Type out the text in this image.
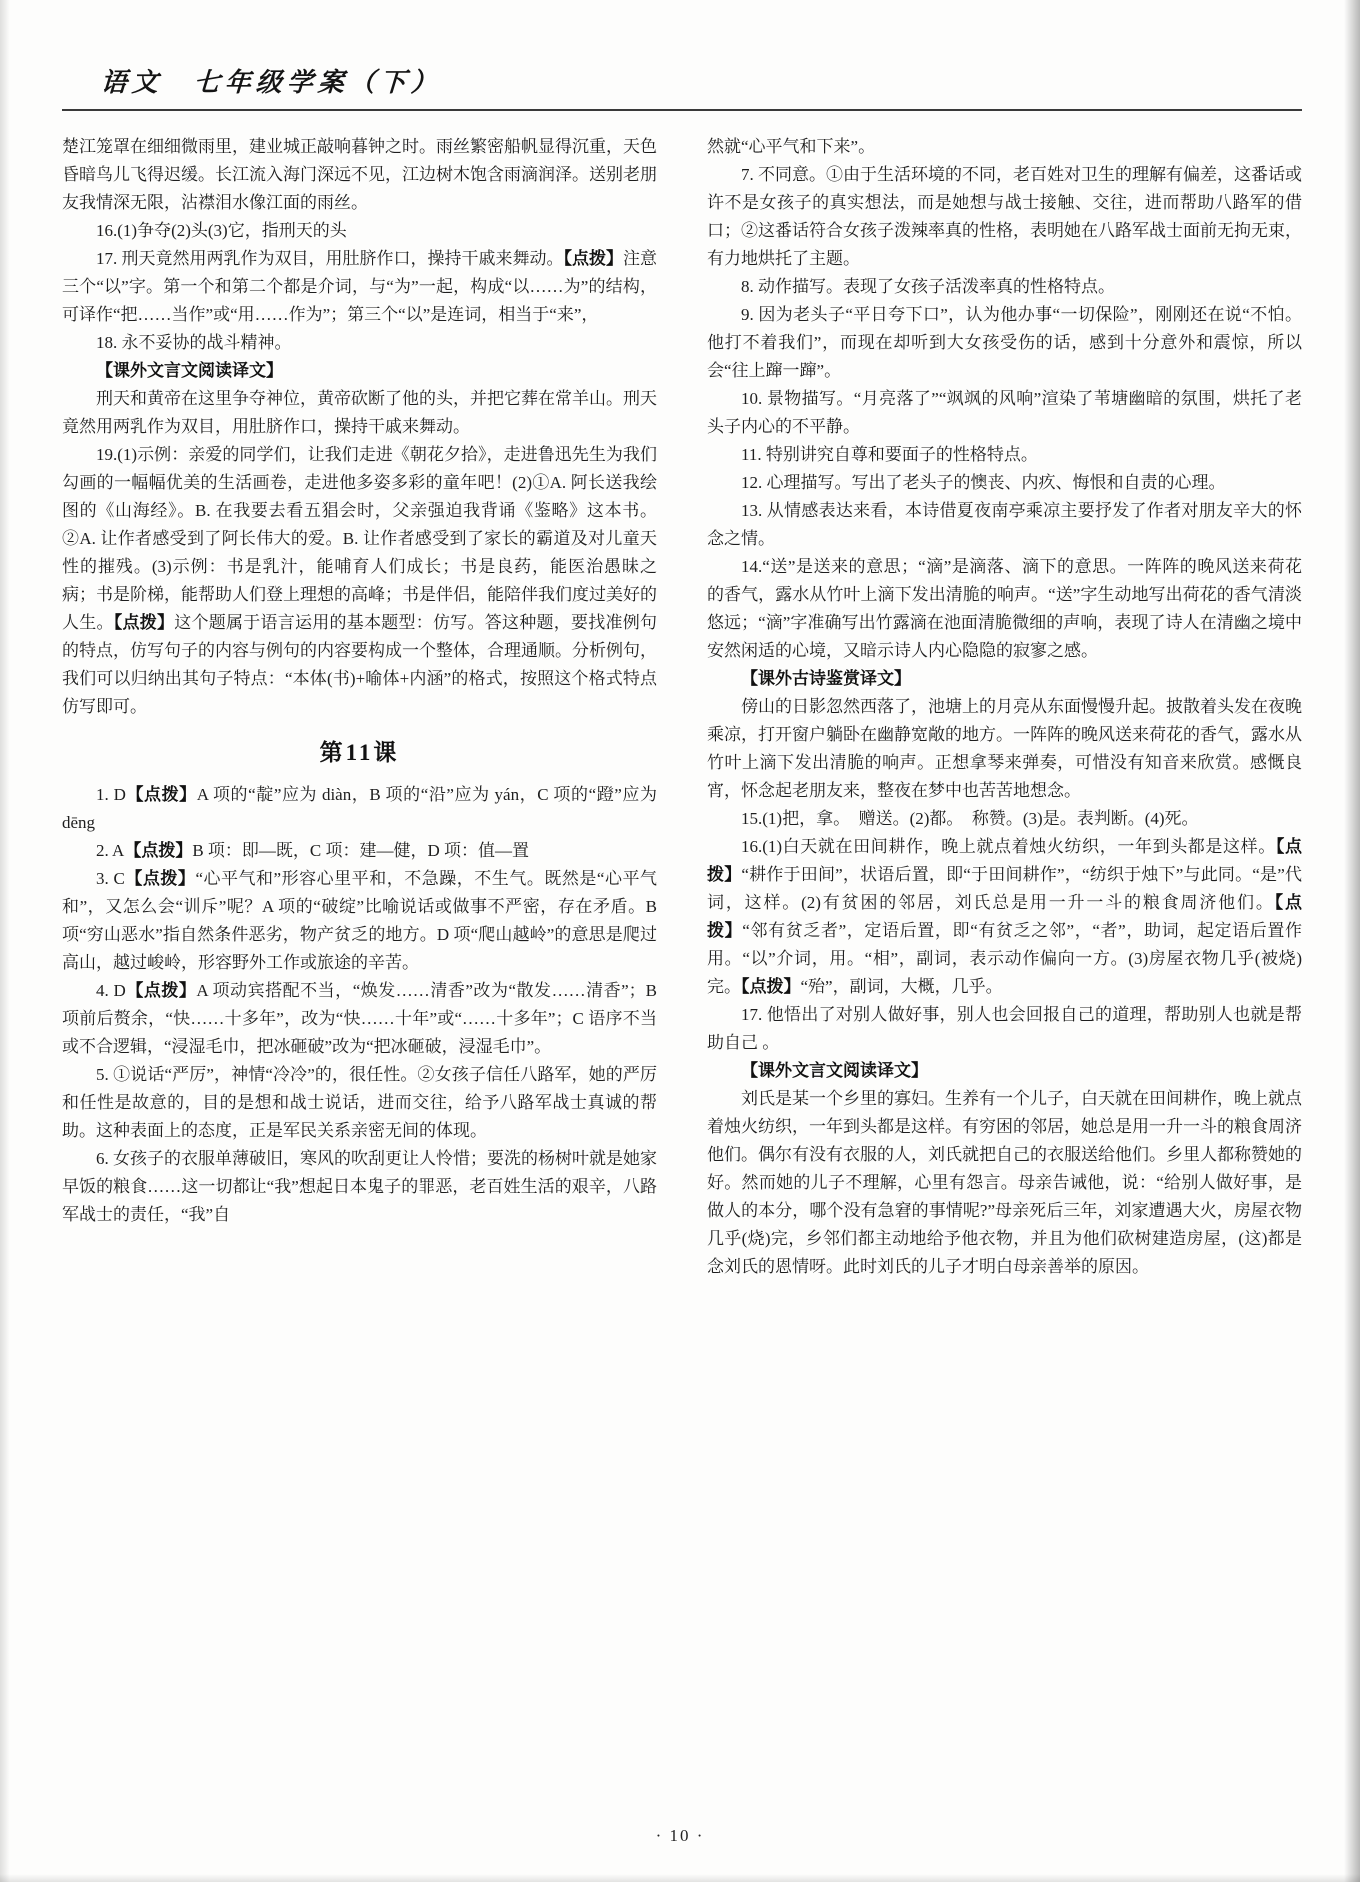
语文　七年级学案（下）

楚江笼罩在细细微雨里，建业城正敲响暮钟之时。雨丝繁密船帆显得沉重，天色昏暗鸟儿飞得迟缓。长江流入海门深远不见，江边树木饱含雨滴润泽。送别老朋友我情深无限，沾襟泪水像江面的雨丝。

16.(1)争夺(2)头(3)它，指刑天的头

17. 刑天竟然用两乳作为双目，用肚脐作口，操持干戚来舞动。【点拨】注意三个“以”字。第一个和第二个都是介词，与“为”一起，构成“以……为”的结构，可译作“把……当作”或“用……作为”；第三个“以”是连词，相当于“来”，

18. 永不妥协的战斗精神。

【课外文言文阅读译文】

刑天和黄帝在这里争夺神位，黄帝砍断了他的头，并把它葬在常羊山。刑天竟然用两乳作为双目，用肚脐作口，操持干戚来舞动。

19.(1)示例：亲爱的同学们，让我们走进《朝花夕拾》，走进鲁迅先生为我们勾画的一幅幅优美的生活画卷，走进他多姿多彩的童年吧！(2)①A. 阿长送我绘图的《山海经》。B. 在我要去看五猖会时，父亲强迫我背诵《鉴略》这本书。②A. 让作者感受到了阿长伟大的爱。B. 让作者感受到了家长的霸道及对儿童天性的摧残。(3)示例：书是乳汁，能哺育人们成长；书是良药，能医治愚昧之病；书是阶梯，能帮助人们登上理想的高峰；书是伴侣，能陪伴我们度过美好的人生。【点拨】这个题属于语言运用的基本题型：仿写。答这种题，要找准例句的特点，仿写句子的内容与例句的内容要构成一个整体，合理通顺。分析例句，我们可以归纳出其句子特点：“本体(书)+喻体+内涵”的格式，按照这个格式特点仿写即可。

第11课

1. D【点拨】A 项的“靛”应为 diàn，B 项的“沿”应为 yán，C 项的“蹬”应为 dēng

2. A【点拨】B 项：即—既，C 项：建—健，D 项：值—置

3. C【点拨】“心平气和”形容心里平和，不急躁，不生气。既然是“心平气和”，又怎么会“训斥”呢？A 项的“破绽”比喻说话或做事不严密，存在矛盾。B 项“穷山恶水”指自然条件恶劣，物产贫乏的地方。D 项“爬山越岭”的意思是爬过高山，越过峻岭，形容野外工作或旅途的辛苦。

4. D【点拨】A 项动宾搭配不当，“焕发……清香”改为“散发……清香”；B 项前后赘余，“快……十多年”，改为“快……十年”或“……十多年”；C 语序不当或不合逻辑，“浸湿毛巾，把冰砸破”改为“把冰砸破，浸湿毛巾”。

5. ①说话“严厉”，神情“冷冷”的，很任性。②女孩子信任八路军，她的严厉和任性是故意的，目的是想和战士说话，进而交往，给予八路军战士真诚的帮助。这种表面上的态度，正是军民关系亲密无间的体现。

6. 女孩子的衣服单薄破旧，寒风的吹刮更让人怜惜；要洗的杨树叶就是她家早饭的粮食……这一切都让“我”想起日本鬼子的罪恶，老百姓生活的艰辛，八路军战士的责任，“我”自

然就“心平气和下来”。

7. 不同意。①由于生活环境的不同，老百姓对卫生的理解有偏差，这番话或许不是女孩子的真实想法，而是她想与战士接触、交往，进而帮助八路军的借口；②这番话符合女孩子泼辣率真的性格，表明她在八路军战士面前无拘无束，有力地烘托了主题。

8. 动作描写。表现了女孩子活泼率真的性格特点。

9. 因为老头子“平日夸下口”，认为他办事“一切保险”，刚刚还在说“不怕。他打不着我们”，而现在却听到大女孩受伤的话，感到十分意外和震惊，所以会“往上蹿一蹿”。

10. 景物描写。“月亮落了”“飒飒的风响”渲染了苇塘幽暗的氛围，烘托了老头子内心的不平静。

11. 特别讲究自尊和要面子的性格特点。

12. 心理描写。写出了老头子的懊丧、内疚、悔恨和自责的心理。

13. 从情感表达来看，本诗借夏夜南亭乘凉主要抒发了作者对朋友辛大的怀念之情。

14.“送”是送来的意思；“滴”是滴落、滴下的意思。一阵阵的晚风送来荷花的香气，露水从竹叶上滴下发出清脆的响声。“送”字生动地写出荷花的香气清淡悠远；“滴”字准确写出竹露滴在池面清脆微细的声响，表现了诗人在清幽之境中安然闲适的心境，又暗示诗人内心隐隐的寂寥之感。

【课外古诗鉴赏译文】

傍山的日影忽然西落了，池塘上的月亮从东面慢慢升起。披散着头发在夜晚乘凉，打开窗户躺卧在幽静宽敞的地方。一阵阵的晚风送来荷花的香气，露水从竹叶上滴下发出清脆的响声。正想拿琴来弹奏，可惜没有知音来欣赏。感慨良宵，怀念起老朋友来，整夜在梦中也苦苦地想念。

15.(1)把，拿。　赠送。(2)都。　称赞。(3)是。表判断。(4)死。

16.(1)白天就在田间耕作，晚上就点着烛火纺织，一年到头都是这样。【点拨】“耕作于田间”，状语后置，即“于田间耕作”，“纺织于烛下”与此同。“是”代词，这样。(2)有贫困的邻居，刘氏总是用一升一斗的粮食周济他们。【点拨】“邻有贫乏者”，定语后置，即“有贫乏之邻”，“者”，助词，起定语后置作用。“以”介词，用。“相”，副词，表示动作偏向一方。(3)房屋衣物几乎(被烧)完。【点拨】“殆”，副词，大概，几乎。

17. 他悟出了对别人做好事，别人也会回报自己的道理，帮助别人也就是帮助自己 。

【课外文言文阅读译文】

刘氏是某一个乡里的寡妇。生养有一个儿子，白天就在田间耕作，晚上就点着烛火纺织，一年到头都是这样。有穷困的邻居，她总是用一升一斗的粮食周济他们。偶尔有没有衣服的人，刘氏就把自己的衣服送给他们。乡里人都称赞她的好。然而她的儿子不理解，心里有怨言。母亲告诫他，说：“给别人做好事，是做人的本分，哪个没有急窘的事情呢?”母亲死后三年，刘家遭遇大火，房屋衣物几乎(烧)完，乡邻们都主动地给予他衣物，并且为他们砍树建造房屋，(这)都是念刘氏的恩情呀。此时刘氏的儿子才明白母亲善举的原因。

· 10 ·
